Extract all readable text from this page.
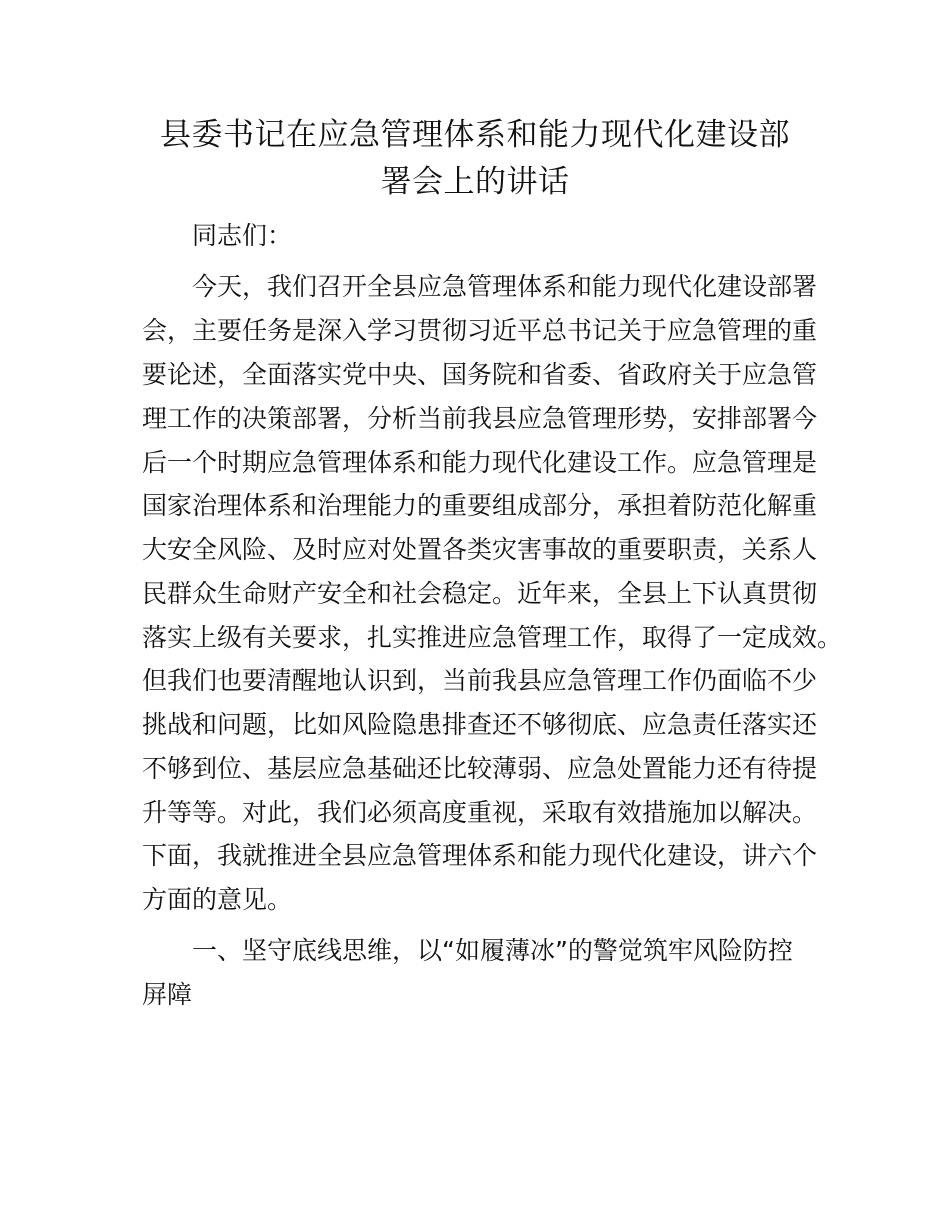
县委书记在应急管理体系和能力现代化建设部
署会上的讲话

同志们：

今天，我们召开全县应急管理体系和能力现代化建设部署

会，主要任务是深入学习贯彻习近平总书记关于应急管理的重

要论述，全面落实党中央、国务院和省委、省政府关于应急管

理工作的决策部署，分析当前我县应急管理形势，安排部署今

后一个时期应急管理体系和能力现代化建设工作。应急管理是

国家治理体系和治理能力的重要组成部分，承担着防范化解重

大安全风险、及时应对处置各类灾害事故的重要职责，关系人

民群众生命财产安全和社会稳定。近年来，全县上下认真贯彻

落实上级有关要求，扎实推进应急管理工作，取得了一定成效。

但我们也要清醒地认识到，当前我县应急管理工作仍面临不少

挑战和问题，比如风险隐患排查还不够彻底、应急责任落实还

不够到位、基层应急基础还比较薄弱、应急处置能力还有待提

升等等。对此，我们必须高度重视，采取有效措施加以解决。

下面，我就推进全县应急管理体系和能力现代化建设，讲六个

方面的意见。

一、坚守底线思维，以“如履薄冰”的警觉筑牢风险防控

屏障
